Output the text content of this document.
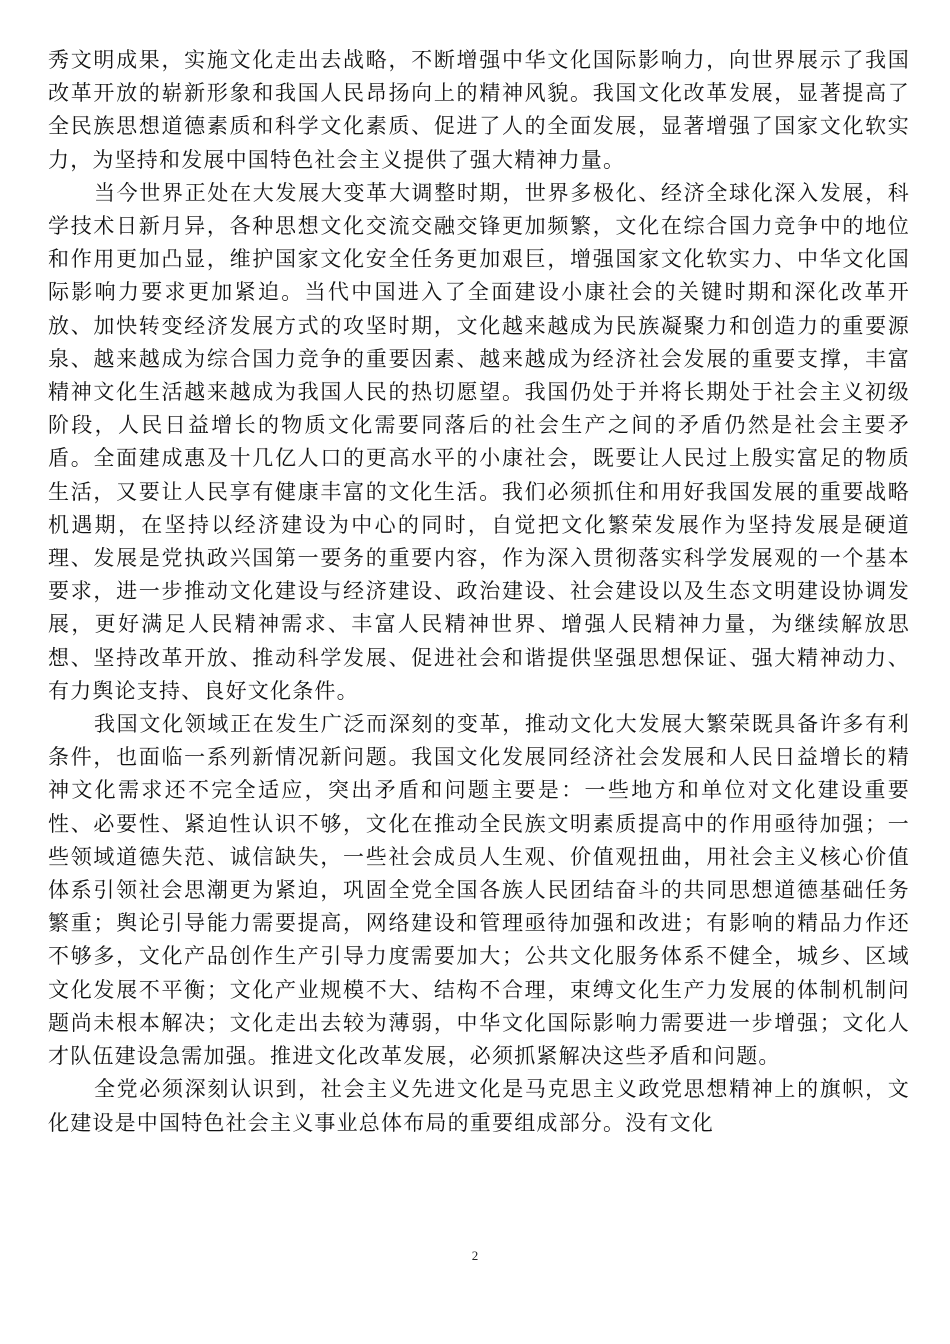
秀文明成果，实施文化走出去战略，不断增强中华文化国际影响力，向世界展示了我国改革开放的崭新形象和我国人民昂扬向上的精神风貌。我国文化改革发展，显著提高了全民族思想道德素质和科学文化素质、促进了人的全面发展，显著增强了国家文化软实力，为坚持和发展中国特色社会主义提供了强大精神力量。

当今世界正处在大发展大变革大调整时期，世界多极化、经济全球化深入发展，科学技术日新月异，各种思想文化交流交融交锋更加频繁，文化在综合国力竞争中的地位和作用更加凸显，维护国家文化安全任务更加艰巨，增强国家文化软实力、中华文化国际影响力要求更加紧迫。当代中国进入了全面建设小康社会的关键时期和深化改革开放、加快转变经济发展方式的攻坚时期，文化越来越成为民族凝聚力和创造力的重要源泉、越来越成为综合国力竞争的重要因素、越来越成为经济社会发展的重要支撑，丰富精神文化生活越来越成为我国人民的热切愿望。我国仍处于并将长期处于社会主义初级阶段，人民日益增长的物质文化需要同落后的社会生产之间的矛盾仍然是社会主要矛盾。全面建成惠及十几亿人口的更高水平的小康社会，既要让人民过上殷实富足的物质生活，又要让人民享有健康丰富的文化生活。我们必须抓住和用好我国发展的重要战略机遇期，在坚持以经济建设为中心的同时，自觉把文化繁荣发展作为坚持发展是硬道理、发展是党执政兴国第一要务的重要内容，作为深入贯彻落实科学发展观的一个基本要求，进一步推动文化建设与经济建设、政治建设、社会建设以及生态文明建设协调发展，更好满足人民精神需求、丰富人民精神世界、增强人民精神力量，为继续解放思想、坚持改革开放、推动科学发展、促进社会和谐提供坚强思想保证、强大精神动力、有力舆论支持、良好文化条件。

我国文化领域正在发生广泛而深刻的变革，推动文化大发展大繁荣既具备许多有利条件，也面临一系列新情况新问题。我国文化发展同经济社会发展和人民日益增长的精神文化需求还不完全适应，突出矛盾和问题主要是：一些地方和单位对文化建设重要性、必要性、紧迫性认识不够，文化在推动全民族文明素质提高中的作用亟待加强；一些领域道德失范、诚信缺失，一些社会成员人生观、价值观扭曲，用社会主义核心价值体系引领社会思潮更为紧迫，巩固全党全国各族人民团结奋斗的共同思想道德基础任务繁重；舆论引导能力需要提高，网络建设和管理亟待加强和改进；有影响的精品力作还不够多，文化产品创作生产引导力度需要加大；公共文化服务体系不健全，城乡、区域文化发展不平衡；文化产业规模不大、结构不合理，束缚文化生产力发展的体制机制问题尚未根本解决；文化走出去较为薄弱，中华文化国际影响力需要进一步增强；文化人才队伍建设急需加强。推进文化改革发展，必须抓紧解决这些矛盾和问题。

全党必须深刻认识到，社会主义先进文化是马克思主义政党思想精神上的旗帜，文化建设是中国特色社会主义事业总体布局的重要组成部分。没有文化

2
